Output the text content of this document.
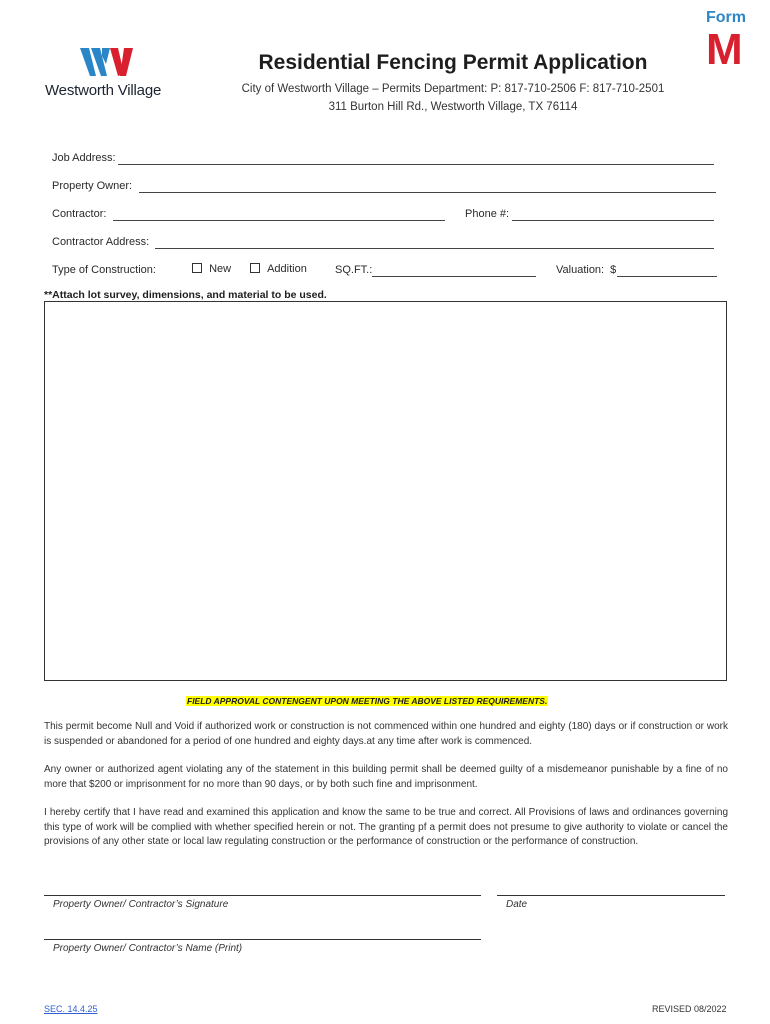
Form
M
Westworth Village
Residential Fencing Permit Application
City of Westworth Village – Permits Department: P: 817-710-2506 F: 817-710-2501
311 Burton Hill Rd., Westworth Village, TX 76114
Job Address:
Property Owner:
Contractor:	Phone #:
Contractor Address:
Type of Construction:	New	Addition	SQ.FT.:	Valuation: $
**Attach lot survey, dimensions, and material to be used.
FIELD APPROVAL CONTENGENT UPON MEETING THE ABOVE LISTED REQUIREMENTS.
This permit become Null and Void if authorized work or construction is not commenced within one hundred and eighty (180) days or if construction or work is suspended or abandoned for a period of one hundred and eighty days.at any time after work is commenced.
Any owner or authorized agent violating any of the statement in this building permit shall be deemed guilty of a misdemeanor punishable by a fine of no more that $200 or imprisonment for no more than 90 days, or by both such fine and imprisonment.
I hereby certify that I have read and examined this application and know the same to be true and correct. All Provisions of laws and ordinances governing this type of work will be complied with whether specified herein or not. The granting pf a permit does not presume to give authority to violate or cancel the provisions of any other state or local law regulating construction or the performance of construction or the performance of construction.
Property Owner/ Contractor’s Signature	Date
Property Owner/ Contractor’s Name (Print)
SEC. 14.4.25	REVISED 08/2022
